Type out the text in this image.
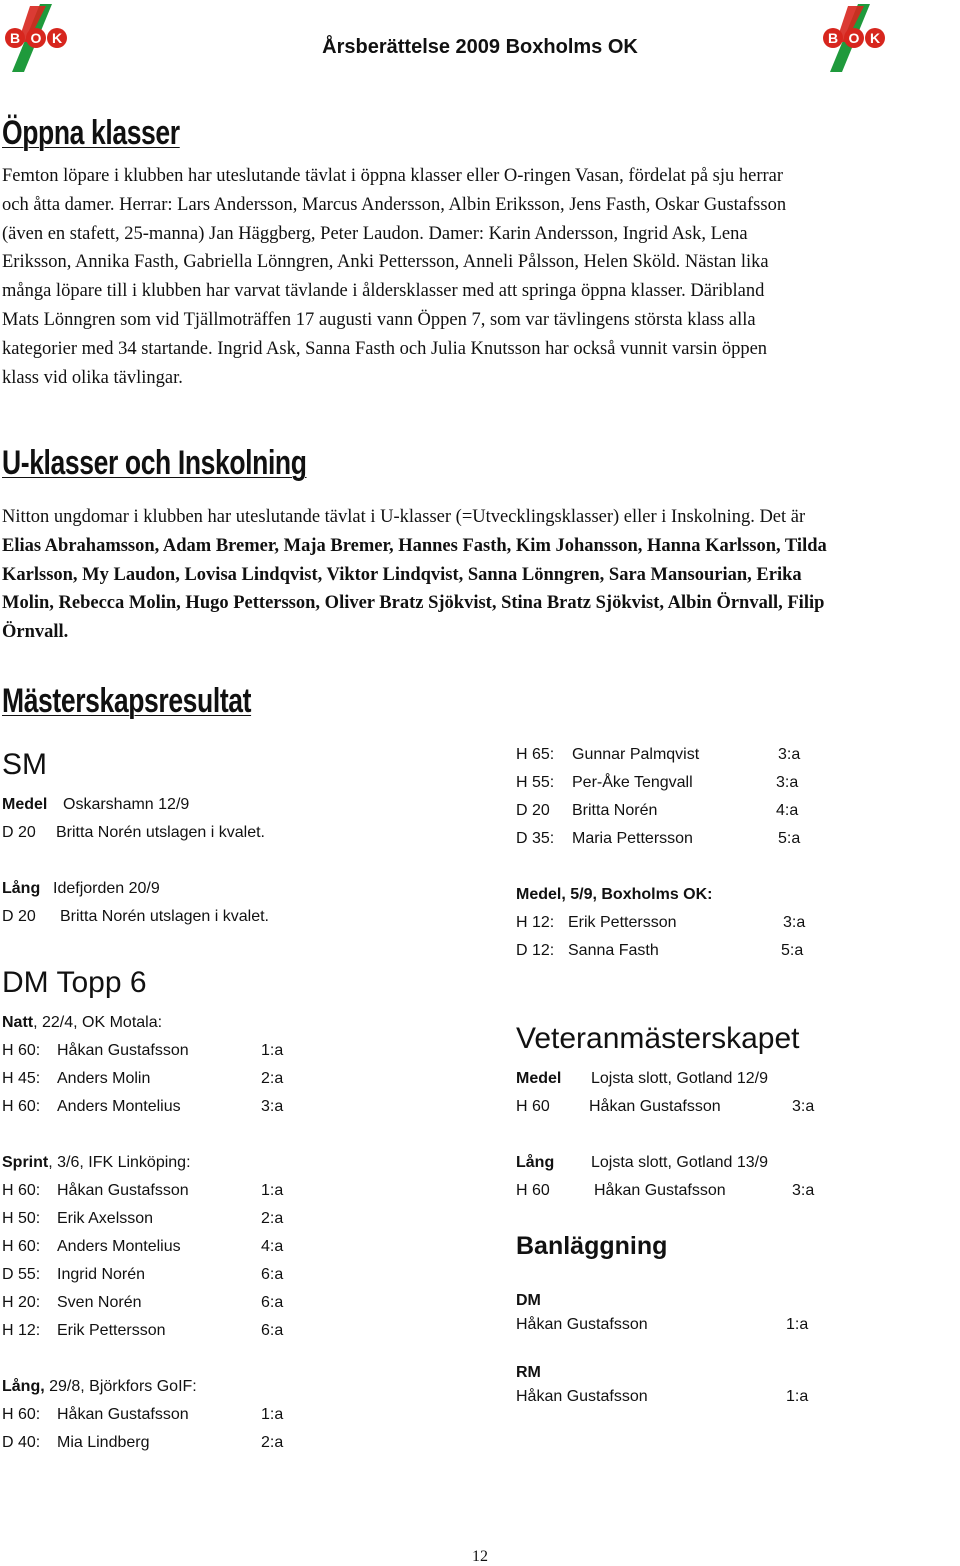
B O K	Årsberättelse 2009 Boxholms OK	B O K
Öppna klasser
Femton löpare i klubben har uteslutande tävlat i öppna klasser eller O-ringen Vasan, fördelat på sju herrar
och åtta damer. Herrar: Lars Andersson, Marcus Andersson, Albin Eriksson, Jens Fasth, Oskar Gustafsson
(även en stafett, 25-manna) Jan Häggberg, Peter Laudon. Damer: Karin Andersson, Ingrid Ask, Lena
Eriksson, Annika Fasth, Gabriella Lönngren, Anki Pettersson, Anneli Pålsson, Helen Sköld. Nästan lika
många löpare till i klubben har varvat tävlande i åldersklasser med att springa öppna klasser. Däribland
Mats Lönngren som vid Tjällmoträffen 17 augusti vann Öppen 7, som var tävlingens största klass alla
kategorier med 34 startande. Ingrid Ask, Sanna Fasth och Julia Knutsson har också vunnit varsin öppen
klass vid olika tävlingar.
U-klasser och Inskolning
Nitton ungdomar i klubben har uteslutande tävlat i U-klasser (=Utvecklingsklasser) eller i Inskolning. Det är
Elias Abrahamsson, Adam Bremer, Maja Bremer, Hannes Fasth, Kim Johansson, Hanna Karlsson, Tilda
Karlsson, My Laudon, Lovisa Lindqvist, Viktor Lindqvist, Sanna Lönngren, Sara Mansourian, Erika
Molin, Rebecca Molin, Hugo Pettersson, Oliver Bratz Sjökvist, Stina Bratz Sjökvist, Albin Örnvall, Filip
Örnvall.
Mästerskapsresultat
SM
Medel Oskarshamn 12/9
D 20 Britta Norén utslagen i kvalet.
Lång Idefjorden 20/9
D 20 Britta Norén utslagen i kvalet.
H 65: Gunnar Palmqvist	3:a
H 55: Per-Åke Tengvall	3:a
D 20 Britta Norén	4:a
D 35: Maria Pettersson	5:a
Medel, 5/9, Boxholms OK:
H 12: Erik Pettersson	3:a
D 12: Sanna Fasth	5:a
DM Topp 6
Natt, 22/4, OK Motala:
H 60: Håkan Gustafsson	1:a
H 45: Anders Molin	2:a
H 60: Anders Montelius	3:a
Sprint, 3/6, IFK Linköping:
H 60: Håkan Gustafsson	1:a
H 50: Erik Axelsson	2:a
H 60: Anders Montelius	4:a
D 55: Ingrid Norén	6:a
H 20: Sven Norén	6:a
H 12: Erik Pettersson	6:a
Lång, 29/8, Björkfors GoIF:
H 60: Håkan Gustafsson	1:a
D 40: Mia Lindberg	2:a
Veteranmästerskapet
Medel Lojsta slott, Gotland 12/9
H 60 Håkan Gustafsson	3:a
Lång Lojsta slott, Gotland 13/9
H 60	Håkan Gustafsson	3:a
Banläggning
DM
Håkan Gustafsson	1:a
RM
Håkan Gustafsson	1:a
12
